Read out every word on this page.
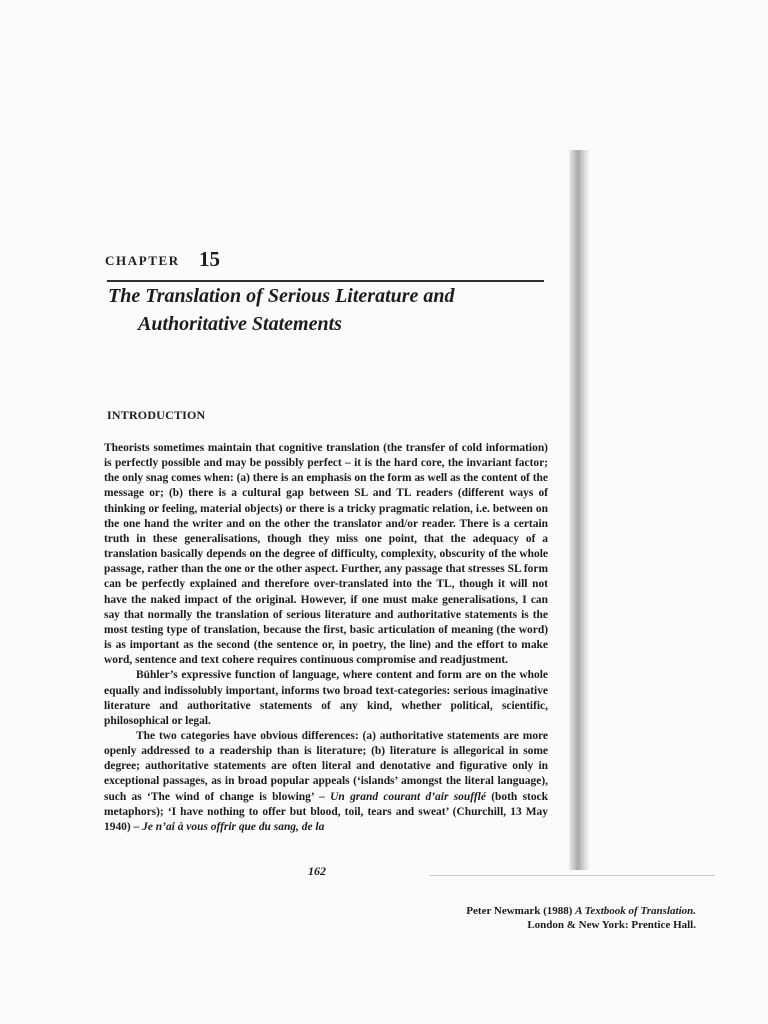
CHAPTER 15
The Translation of Serious Literature and
Authoritative Statements
INTRODUCTION

Theorists sometimes maintain that cognitive translation (the transfer of cold information) is perfectly possible and may be possibly perfect – it is the hard core, the invariant factor; the only snag comes when: (a) there is an emphasis on the form as well as the content of the message or; (b) there is a cultural gap between SL and TL readers (different ways of thinking or feeling, material objects) or there is a tricky pragmatic relation, i.e. between on the one hand the writer and on the other the translator and/or reader. There is a certain truth in these generalisations, though they miss one point, that the adequacy of a translation basically depends on the degree of difficulty, complexity, obscurity of the whole passage, rather than the one or the other aspect. Further, any passage that stresses SL form can be perfectly explained and therefore over-translated into the TL, though it will not have the naked impact of the original. However, if one must make generalisations, I can say that normally the translation of serious literature and authoritative statements is the most testing type of translation, because the first, basic articulation of meaning (the word) is as important as the second (the sentence or, in poetry, the line) and the effort to make word, sentence and text cohere requires continuous compromise and readjustment.

Bühler’s expressive function of language, where content and form are on the whole equally and indissolubly important, informs two broad text-categories: serious imaginative literature and authoritative statements of any kind, whether political, scientific, philosophical or legal.

The two categories have obvious differences: (a) authoritative statements are more openly addressed to a readership than is literature; (b) literature is allegorical in some degree; authoritative statements are often literal and denotative and figurative only in exceptional passages, as in broad popular appeals (‘islands’ amongst the literal language), such as ‘The wind of change is blowing’ – Un grand courant d’air soufflé (both stock metaphors); ‘I have nothing to offer but blood, toil, tears and sweat’ (Churchill, 13 May 1940) – Je n’ai à vous offrir que du sang, de la

162
Peter Newmark (1988) A Textbook of Translation.
London & New York: Prentice Hall.
